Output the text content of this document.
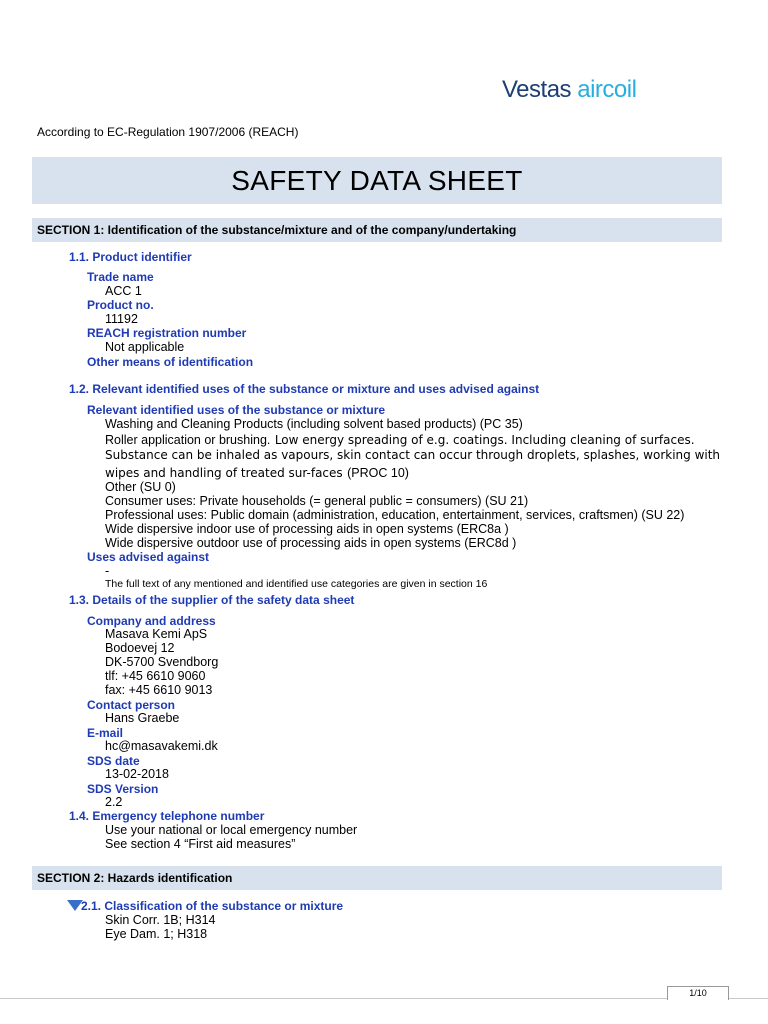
Vestas aircoil
According to EC-Regulation 1907/2006 (REACH)
SAFETY DATA SHEET
SECTION 1: Identification of the substance/mixture and of the company/undertaking
1.1. Product identifier
Trade name
ACC 1
Product no.
11192
REACH registration number
Not applicable
Other means of identification
1.2. Relevant identified uses of the substance or mixture and uses advised against
Relevant identified uses of the substance or mixture
Washing and Cleaning Products (including solvent based products) (PC 35)
Roller application or brushing. Low energy spreading of e.g. coatings. Including cleaning of surfaces.
Substance can be inhaled as vapours, skin contact can occur through droplets, splashes, working with
wipes and handling of treated sur-faces (PROC 10)
Other (SU 0)
Consumer uses: Private households (= general public = consumers) (SU 21)
Professional uses: Public domain (administration, education, entertainment, services, craftsmen) (SU 22)
Wide dispersive indoor use of processing aids in open systems (ERC8a )
Wide dispersive outdoor use of processing aids in open systems (ERC8d )
Uses advised against
-
The full text of any mentioned and identified use categories are given in section 16
1.3. Details of the supplier of the safety data sheet
Company and address
Masava Kemi ApS
Bodoevej 12
DK-5700 Svendborg
tlf: +45 6610 9060
fax: +45 6610 9013
Contact person
Hans Graebe
E-mail
hc@masavakemi.dk
SDS date
13-02-2018
SDS Version
2.2
1.4. Emergency telephone number
Use your national or local emergency number
See section 4 “First aid measures”
SECTION 2: Hazards identification
2.1. Classification of the substance or mixture
Skin Corr. 1B; H314
Eye Dam. 1; H318
1/10
